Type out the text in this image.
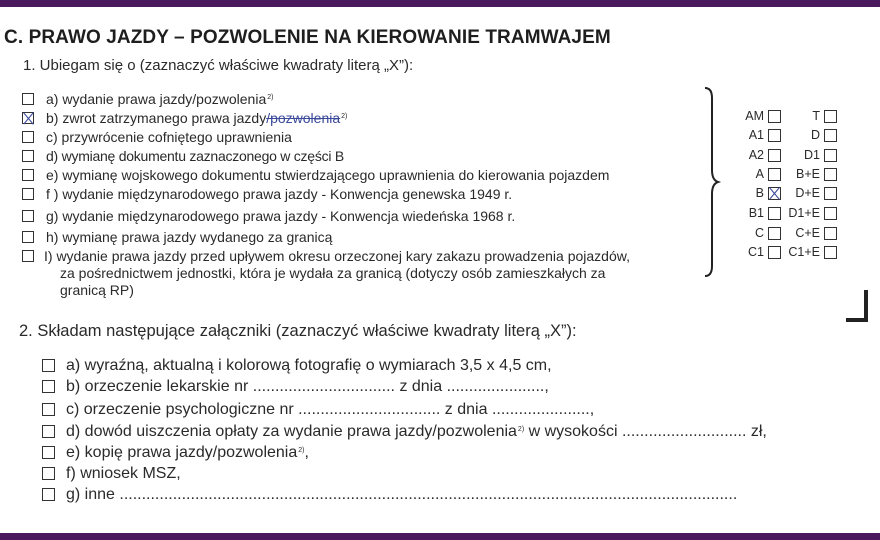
C. PRAWO JAZDY – POZWOLENIE NA KIEROWANIE TRAMWAJEM
1. Ubiegam się o (zaznaczyć właściwe kwadraty literą „X”):
a) wydanie prawa jazdy/pozwolenia$^{2)}$
b) zwrot zatrzymanego prawa jazdy/pozwolenia$^{2)}$
c) przywrócenie cofniętego uprawnienia
d) wymianę dokumentu zaznaczonego w części B
e) wymianę wojskowego dokumentu stwierdzającego uprawnienia do kierowania pojazdem
f ) wydanie międzynarodowego prawa jazdy - Konwencja genewska 1949 r.
g) wydanie międzynarodowego prawa jazdy - Konwencja wiedeńska 1968 r.
h) wymianę prawa jazdy wydanego za granicą
I) wydanie prawa jazdy przed upływem okresu orzeczonej kary zakazu prowadzenia pojazdów,
za pośrednictwem jednostki, która je wydała za granicą (dotyczy osób zamieszkałych za
granicą RP)
AM
A1
A2
A
B
B1
C
C1
T
D
D1
B+E
D+E
D1+E
C+E
C1+E
2. Składam następujące załączniki (zaznaczyć właściwe kwadraty literą „X”):
a) wyraźną, aktualną i kolorową fotografię o wymiarach 3,5 x 4,5 cm,
b) orzeczenie lekarskie nr ................................ z dnia ......................,
c) orzeczenie psychologiczne nr ................................ z dnia ......................,
d) dowód uiszczenia opłaty za wydanie prawa jazdy/pozwolenia$^{2)}$ w wysokości ............................ zł,
e) kopię prawa jazdy/pozwolenia$^{2)}$,
f) wniosek MSZ,
g) inne ...........................................................................................................................................
